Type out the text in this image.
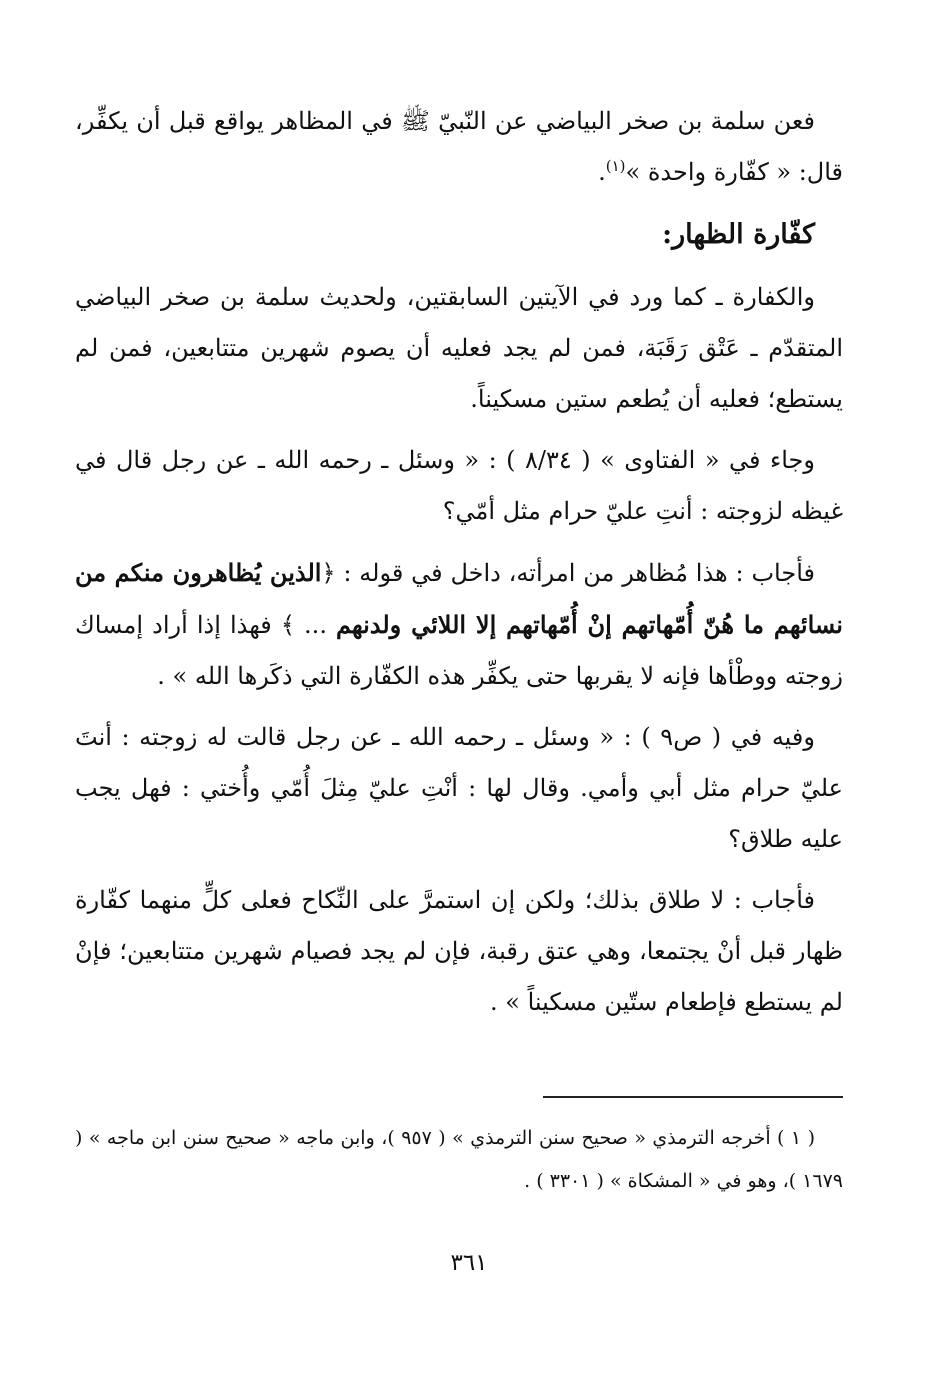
فعن سلمة بن صخر البياضي عن النّبيّ ﷺ في المظاهر يواقع قبل أن يكفِّر، قال: « كفّارة واحدة »$^{(١)}$.

كفّارة الظهار:

والكفارة ـ كما ورد في الآيتين السابقتين، ولحديث سلمة بن صخر البياضي المتقدّم ـ عَتْق رَقَبَة، فمن لم يجد فعليه أن يصوم شهرين متتابعين، فمن لم يستطع؛ فعليه أن يُطعم ستين مسكيناً.

وجاء في « الفتاوى » ( ٨/٣٤ ) : « وسئل ـ رحمه الله ـ عن رجل قال في غيظه لزوجته : أنتِ عليّ حرام مثل أمّي؟

فأجاب : هذا مُظاهر من امرأته، داخل في قوله : ﴿الذين يُظاهرون منكم من نسائهم ما هُنّ أُمّهاتهم إنْ أُمّهاتهم إلا اللائي ولدنهم ... ﴾ فهذا إذا أراد إمساك زوجته ووطْأها فإنه لا يقربها حتى يكفِّر هذه الكفّارة التي ذكَرها الله » .

وفيه في ( ص٩ ) : « وسئل ـ رحمه الله ـ عن رجل قالت له زوجته : أنتَ عليّ حرام مثل أبي وأمي. وقال لها : أنْتِ عليّ مِثلَ أُمّي وأُختي : فهل يجب عليه طلاق؟

فأجاب : لا طلاق بذلك؛ ولكن إن استمرَّ على النِّكاح فعلى كلٍّ منهما كفّارة ظهار قبل أنْ يجتمعا، وهي عتق رقبة، فإن لم يجد فصيام شهرين متتابعين؛ فإنْ لم يستطع فإطعام ستّين مسكيناً » .

( ١ ) أخرجه الترمذي « صحيح سنن الترمذي » ( ٩٥٧ )، وابن ماجه « صحيح سنن ابن ماجه » ( ١٦٧٩ )، وهو في « المشكاة » ( ٣٣٠١ ) .

٣٦١
